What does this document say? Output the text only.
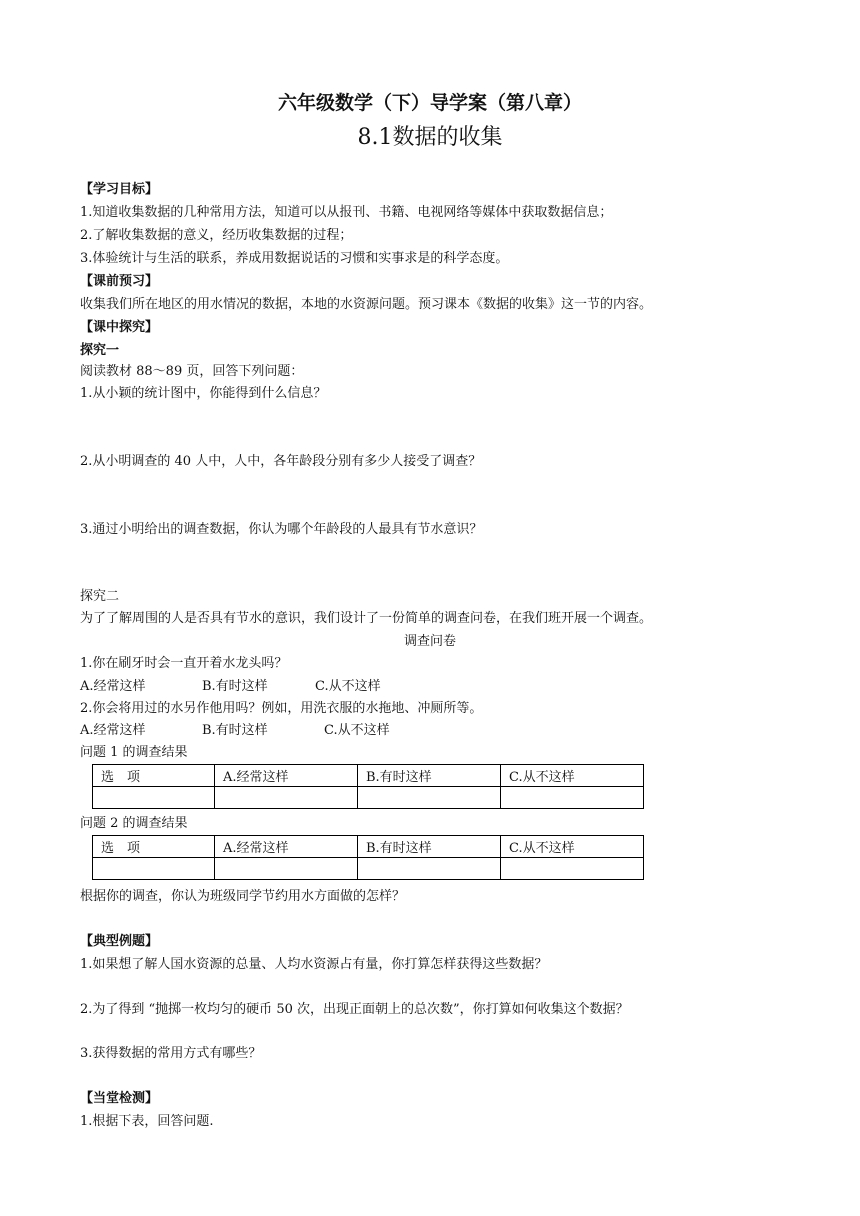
六年级数学（下）导学案（第八章）
8.1数据的收集
【学习目标】
1.知道收集数据的几种常用方法，知道可以从报刊、书籍、电视网络等媒体中获取数据信息；
2.了解收集数据的意义，经历收集数据的过程；
3.体验统计与生活的联系，养成用数据说话的习惯和实事求是的科学态度。
【课前预习】
收集我们所在地区的用水情况的数据，本地的水资源问题。预习课本《数据的收集》这一节的内容。
【课中探究】
探究一
阅读教材 88～89 页，回答下列问题：
1.从小颖的统计图中，你能得到什么信息？
2.从小明调查的 40 人中，人中，各年龄段分别有多少人接受了调查？
3.通过小明给出的调查数据，你认为哪个年龄段的人最具有节水意识？
探究二
为了了解周围的人是否具有节水的意识，我们设计了一份简单的调查问卷，在我们班开展一个调查。
调查问卷
1.你在刷牙时会一直开着水龙头吗？
A.经常这样	B.有时这样	C.从不这样
2.你会将用过的水另作他用吗？例如，用洗衣服的水拖地、冲厕所等。
A.经常这样	B.有时这样	C.从不这样
问题 1 的调查结果
选　项	A.经常这样	B.有时这样	C.从不这样

问题 2 的调查结果
选　项	A.经常这样	B.有时这样	C.从不这样

根据你的调查，你认为班级同学节约用水方面做的怎样？
【典型例题】
1.如果想了解人国水资源的总量、人均水资源占有量，你打算怎样获得这些数据？
2.为了得到 “抛掷一枚均匀的硬币 50 次，出现正面朝上的总次数”，你打算如何收集这个数据？
3.获得数据的常用方式有哪些？
【当堂检测】
1.根据下表，回答问题.
